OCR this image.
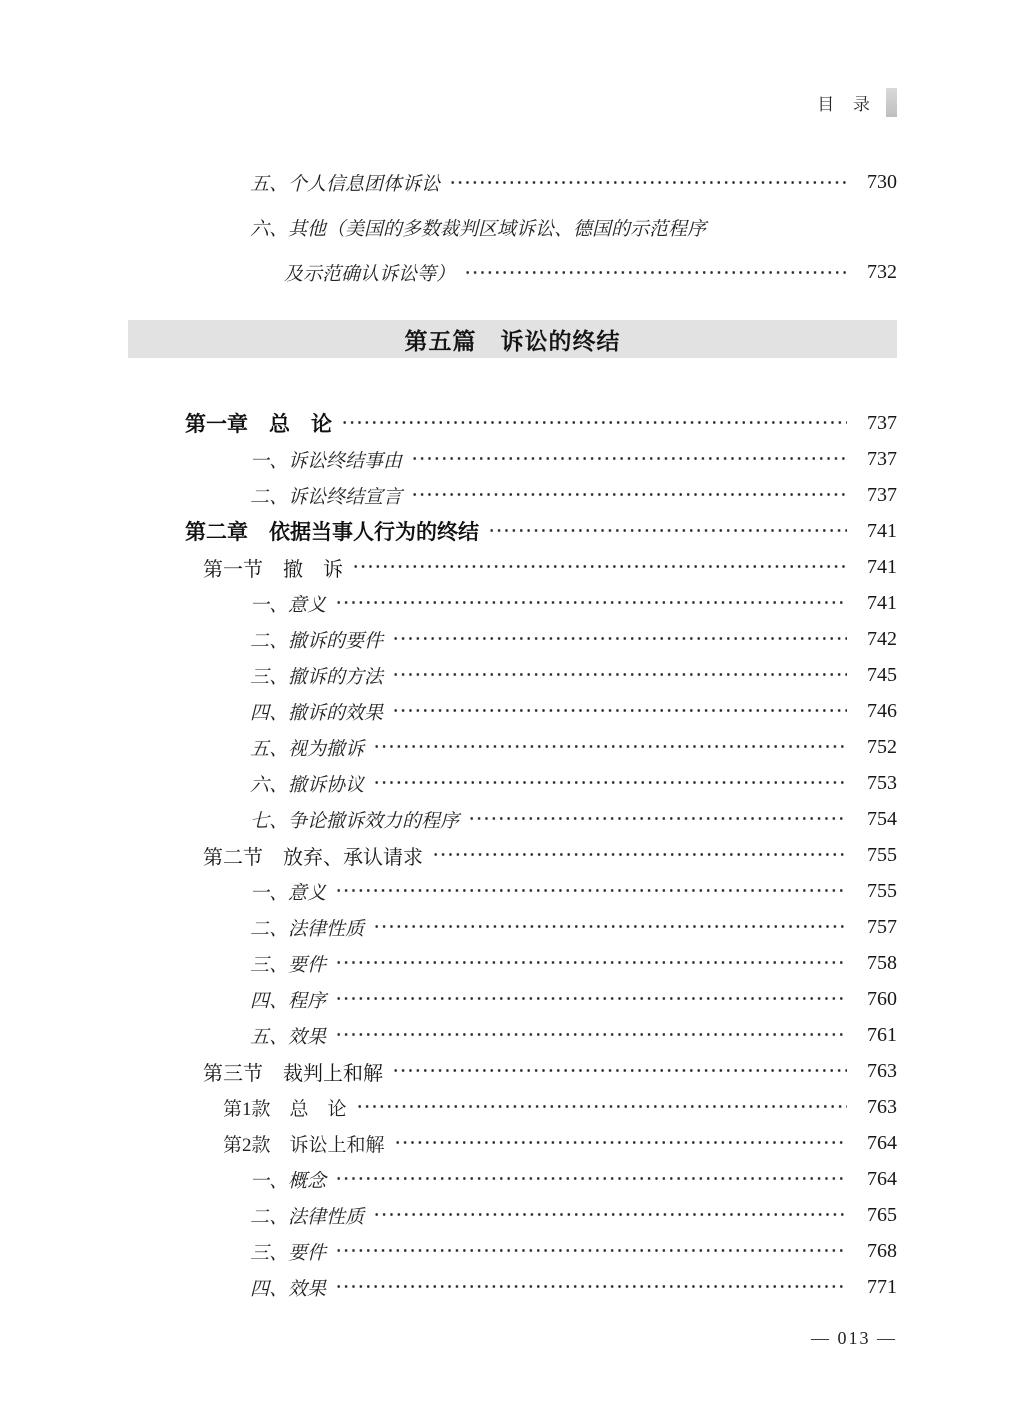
目 录
五、个人信息团体诉讼	730
六、其他（美国的多数裁判区域诉讼、德国的示范程序
及示范确认诉讼等）	732
第五篇　诉讼的终结
第一章　总　论	737
一、诉讼终结事由	737
二、诉讼终结宣言	737
第二章　依据当事人行为的终结	741
第一节　撤　诉	741
一、意义	741
二、撤诉的要件	742
三、撤诉的方法	745
四、撤诉的效果	746
五、视为撤诉	752
六、撤诉协议	753
七、争论撤诉效力的程序	754
第二节　放弃、承认请求	755
一、意义	755
二、法律性质	757
三、要件	758
四、程序	760
五、效果	761
第三节　裁判上和解	763
第1款　总　论	763
第2款　诉讼上和解	764
一、概念	764
二、法律性质	765
三、要件	768
四、效果	771
— 013 —
